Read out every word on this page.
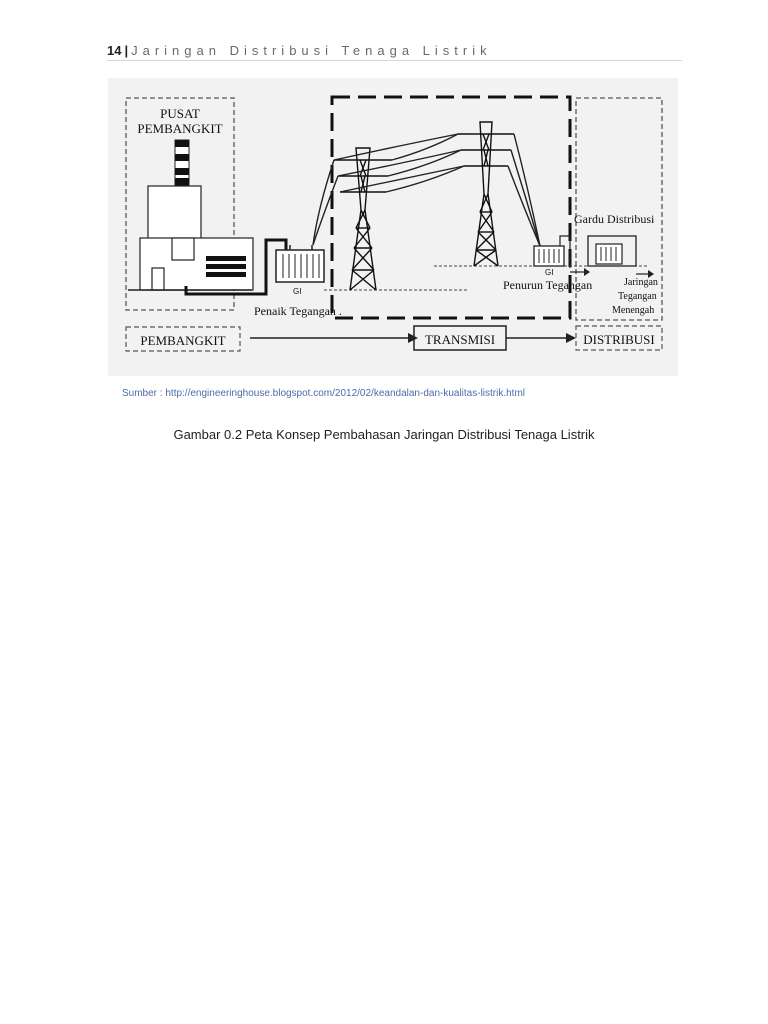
14 | Jaringan Distribusi Tenaga Listrik
PUSAT
PEMBANGKIT
GI
Penaik Tegangan .
GI
Penurun Tegangan
Gardu Distribusi
Jaringan
Tegangan
Menengah
PEMBANGKIT	TRANSMISI	DISTRIBUSI
Sumber : http://engineeringhouse.blogspot.com/2012/02/keandalan-dan-kualitas-listrik.html
Gambar 0.2 Peta Konsep Pembahasan Jaringan Distribusi Tenaga Listrik
